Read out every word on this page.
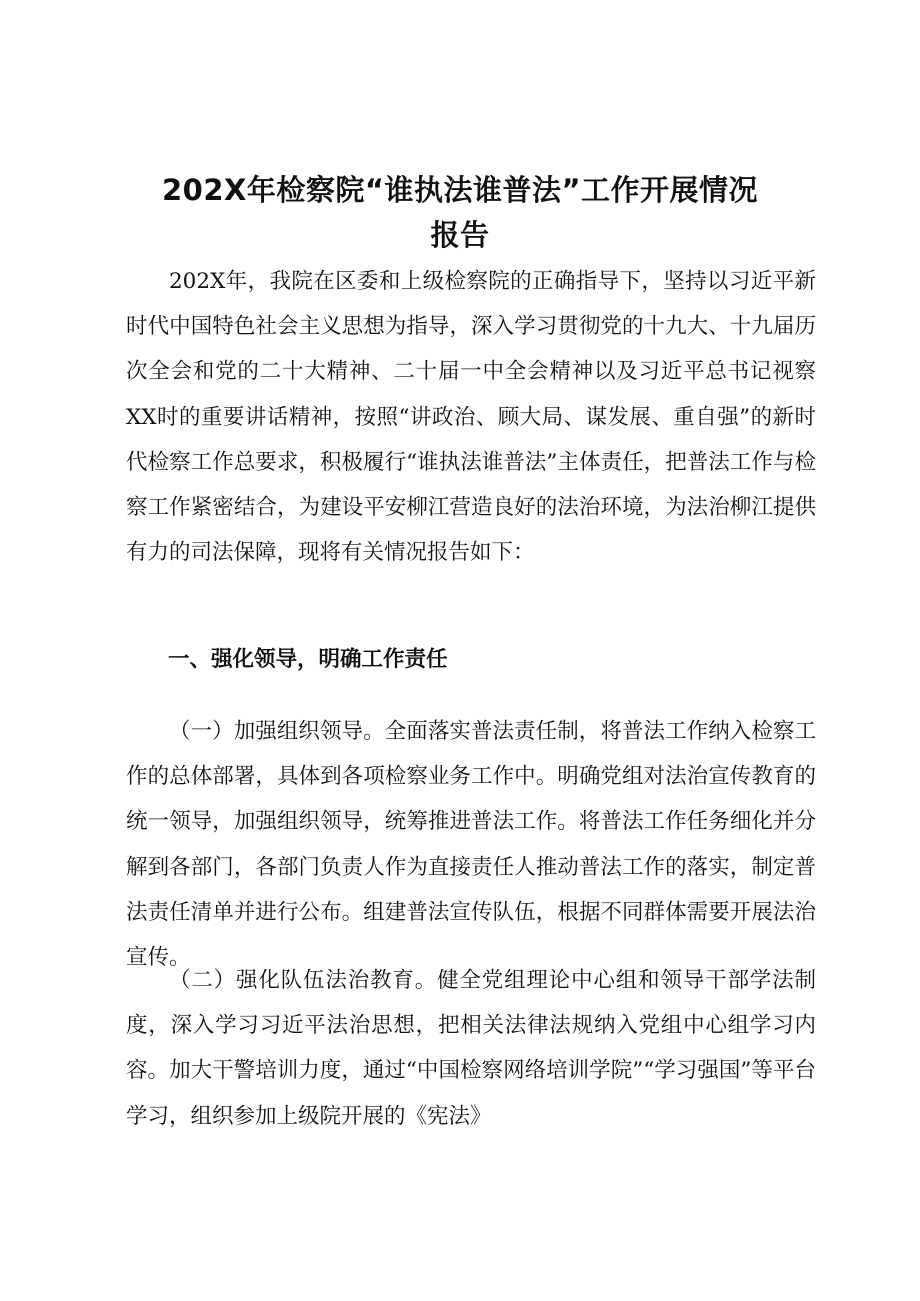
202X年检察院“谁执法谁普法”工作开展情况
报告
202X年，我院在区委和上级检察院的正确指导下，坚持以习近平新时代中国特色社会主义思想为指导，深入学习贯彻党的十九大、十九届历次全会和党的二十大精神、二十届一中全会精神以及习近平总书记视察XX时的重要讲话精神，按照“讲政治、顾大局、谋发展、重自强”的新时代检察工作总要求，积极履行“谁执法谁普法”主体责任，把普法工作与检察工作紧密结合，为建设平安柳江营造良好的法治环境，为法治柳江提供有力的司法保障，现将有关情况报告如下：
一、强化领导，明确工作责任
（一）加强组织领导。全面落实普法责任制，将普法工作纳入检察工作的总体部署，具体到各项检察业务工作中。明确党组对法治宣传教育的统一领导，加强组织领导，统筹推进普法工作。将普法工作任务细化并分解到各部门，各部门负责人作为直接责任人推动普法工作的落实，制定普法责任清单并进行公布。组建普法宣传队伍，根据不同群体需要开展法治宣传。
（二）强化队伍法治教育。健全党组理论中心组和领导干部学法制度，深入学习习近平法治思想，把相关法律法规纳入党组中心组学习内容。加大干警培训力度，通过“中国检察网络培训学院”“学习强国”等平台学习，组织参加上级院开展的《宪法》
